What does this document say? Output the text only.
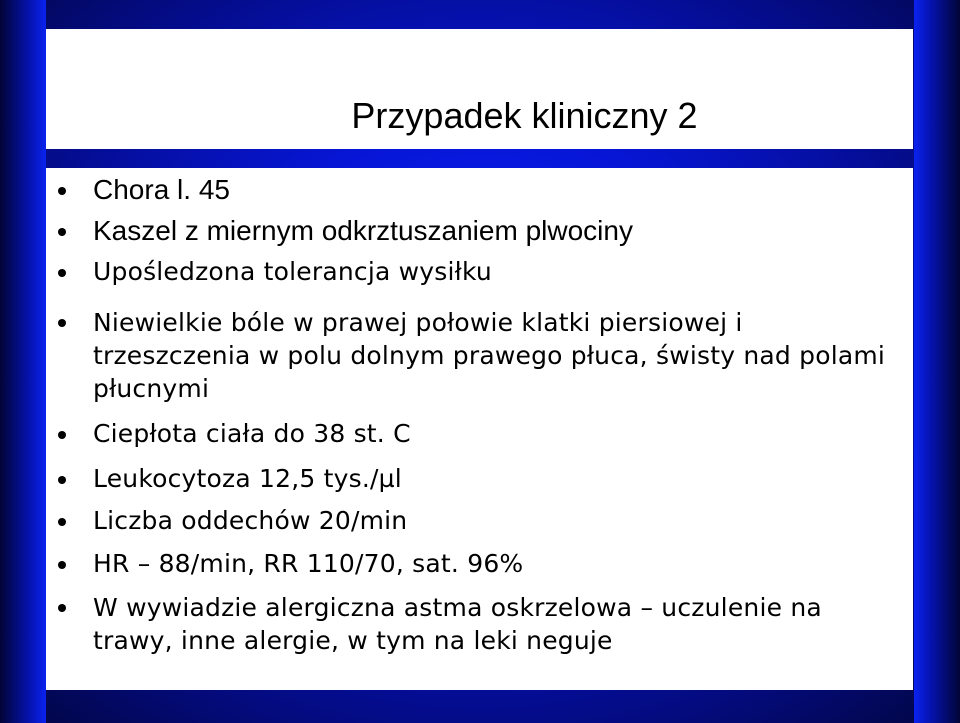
Przypadek kliniczny 2
Chora l. 45
Kaszel z miernym odkrztuszaniem plwociny
Upośledzona tolerancja wysiłku
Niewielkie bóle w prawej połowie klatki piersiowej i trzeszczenia w polu dolnym prawego płuca, świsty nad polami płucnymi
Ciepłota ciała do 38 st. C
Leukocytoza 12,5 tys./µl
Liczba oddechów 20/min
HR – 88/min, RR 110/70, sat. 96%
W wywiadzie alergiczna astma oskrzelowa – uczulenie na trawy, inne alergie, w tym na leki neguje
